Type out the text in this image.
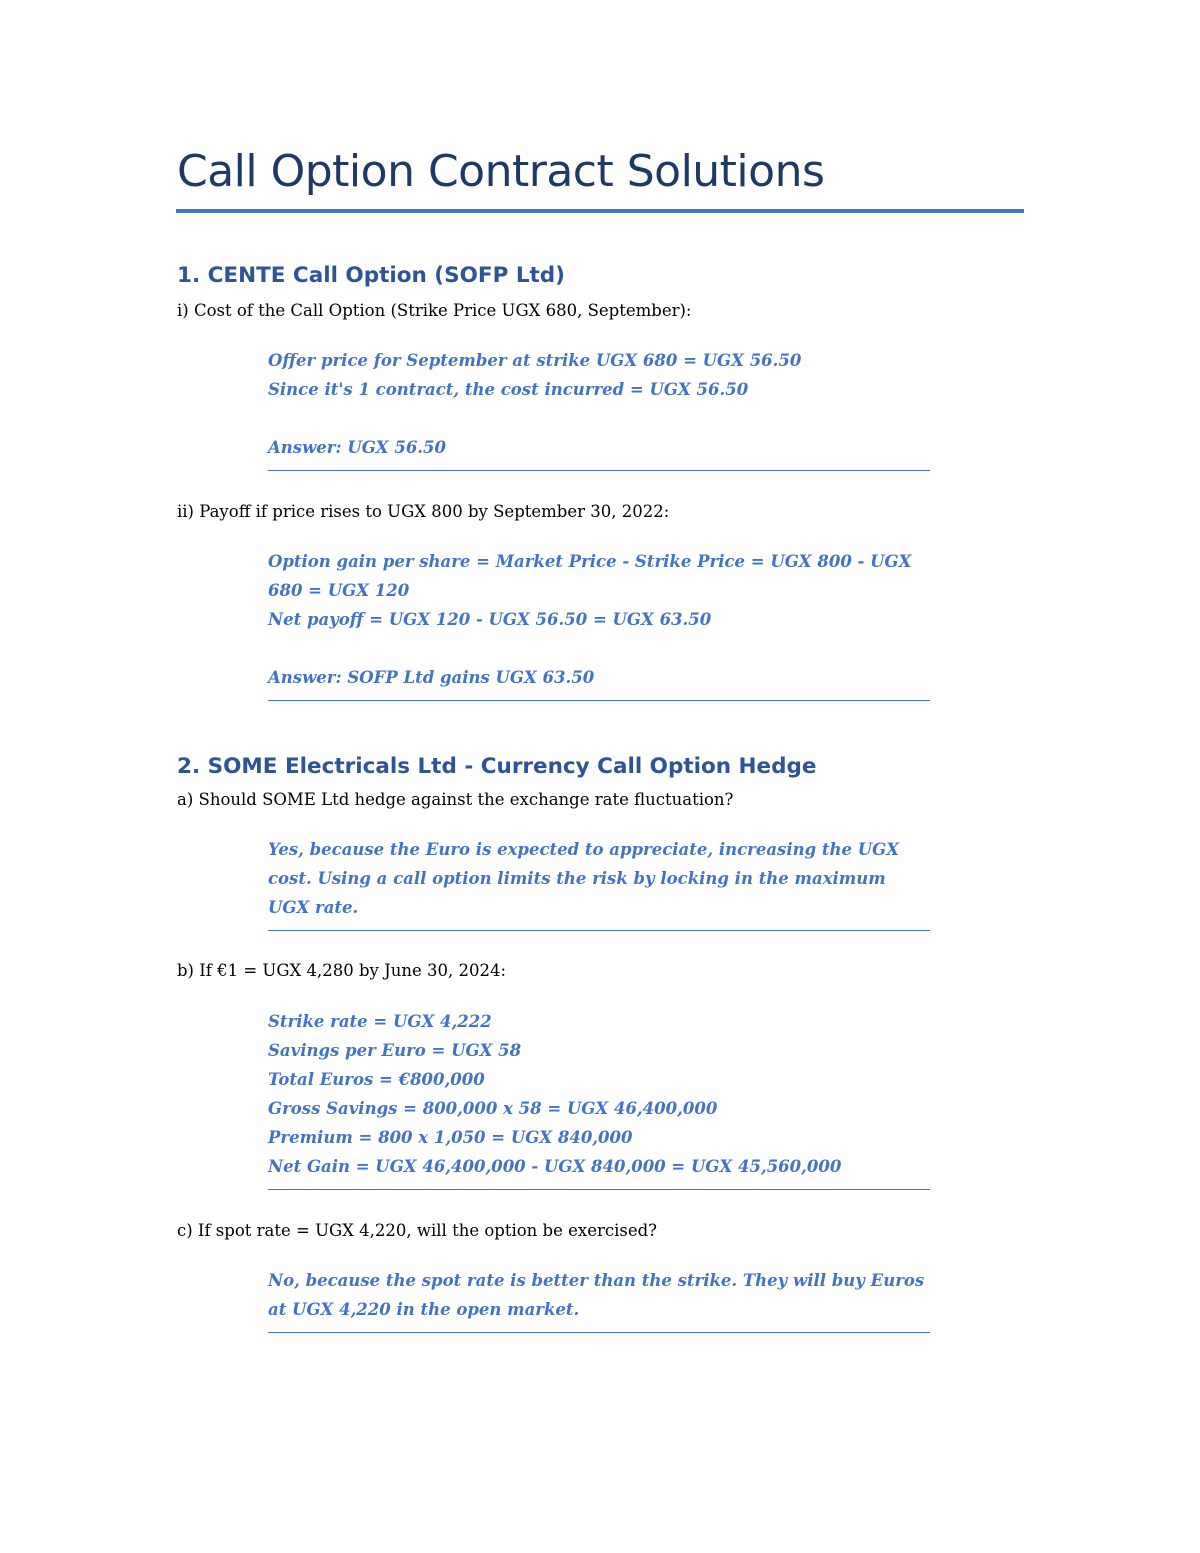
Call Option Contract Solutions
1. CENTE Call Option (SOFP Ltd)

i) Cost of the Call Option (Strike Price UGX 680, September):

Offer price for September at strike UGX 680 = UGX 56.50
Since it's 1 contract, the cost incurred = UGX 56.50
Answer: UGX 56.50

ii) Payoff if price rises to UGX 800 by September 30, 2022:

Option gain per share = Market Price - Strike Price = UGX 800 - UGX 680 = UGX 120
Net payoff = UGX 120 - UGX 56.50 = UGX 63.50
Answer: SOFP Ltd gains UGX 63.50
2. SOME Electricals Ltd - Currency Call Option Hedge

a) Should SOME Ltd hedge against the exchange rate fluctuation?

Yes, because the Euro is expected to appreciate, increasing the UGX cost. Using a call option limits the risk by locking in the maximum UGX rate.

b) If €1 = UGX 4,280 by June 30, 2024:

Strike rate = UGX 4,222
Savings per Euro = UGX 58
Total Euros = €800,000
Gross Savings = 800,000 x 58 = UGX 46,400,000
Premium = 800 x 1,050 = UGX 840,000
Net Gain = UGX 46,400,000 - UGX 840,000 = UGX 45,560,000

c) If spot rate = UGX 4,220, will the option be exercised?

No, because the spot rate is better than the strike. They will buy Euros at UGX 4,220 in the open market.
